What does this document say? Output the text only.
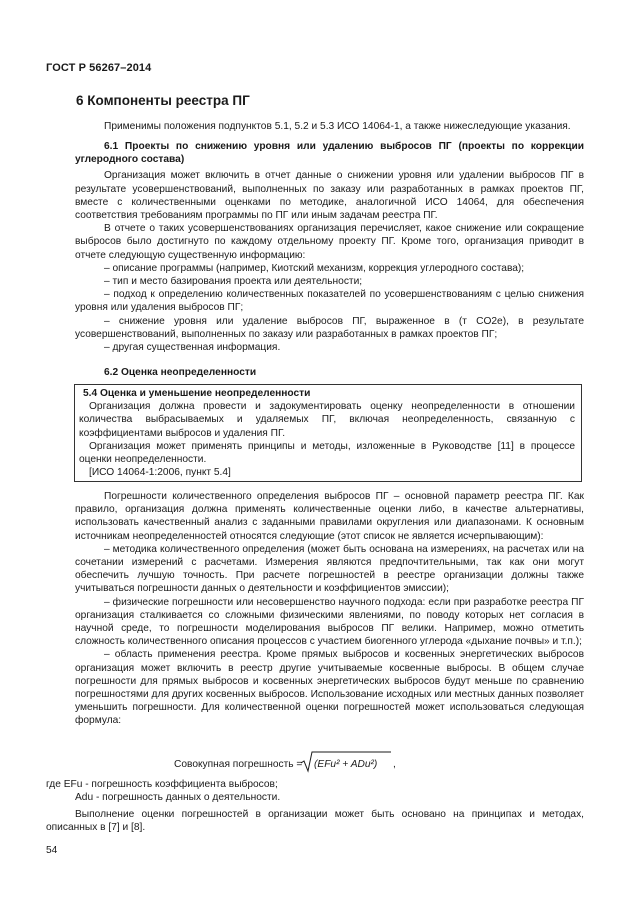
ГОСТ Р 56267–2014
6 Компоненты реестра ПГ

Применимы положения подпунктов 5.1, 5.2 и 5.3 ИСО 14064-1, а также нижеследующие указания.

6.1 Проекты по снижению уровня или удалению выбросов ПГ (проекты по коррекции углеродного состава)

Организация может включить в отчет данные о снижении уровня или удалении выбросов ПГ в результате усовершенствований, выполненных по заказу или разработанных в рамках проектов ПГ, вместе с количественными оценками по методике, аналогичной ИСО 14064, для обеспечения соответствия требованиям программы по ПГ или иным задачам реестра ПГ.

В отчете о таких усовершенствованиях организация перечисляет, какое снижение или сокращение выбросов было достигнуто по каждому отдельному проекту ПГ. Кроме того, организация приводит в отчете следующую существенную информацию:

– описание программы (например, Киотский механизм, коррекция углеродного состава);

– тип и место базирования проекта или деятельности;

– подход к определению количественных показателей по усовершенствованиям с целью снижения уровня или удаления выбросов ПГ;

– снижение уровня или удаление выбросов ПГ, выраженное в (т CO2e), в результате усовершенствований, выполненных по заказу или разработанных в рамках проектов ПГ;

– другая существенная информация.

6.2 Оценка неопределенности

5.4 Оценка и уменьшение неопределенности

Организация должна провести и задокументировать оценку неопределенности в отношении количества выбрасываемых и удаляемых ПГ, включая неопределенность, связанную с коэффициентами выбросов и удаления ПГ.

Организация может применять принципы и методы, изложенные в Руководстве [11] в процессе оценки неопределенности.

[ИСО 14064-1:2006, пункт 5.4]

Погрешности количественного определения выбросов ПГ – основной параметр реестра ПГ. Как правило, организация должна применять количественные оценки либо, в качестве альтернативы, использовать качественный анализ с заданными правилами округления или диапазонами. К основным источникам неопределенностей относятся следующие (этот список не является исчерпывающим):

– методика количественного определения (может быть основана на измерениях, на расчетах или на сочетании измерений с расчетами. Измерения являются предпочтительными, так как они могут обеспечить лучшую точность. При расчете погрешностей в реестре организации должны также учитываться погрешности данных о деятельности и коэффициентов эмиссии);

– физические погрешности или несовершенство научного подхода: если при разработке реестра ПГ организация сталкивается со сложными физическими явлениями, по поводу которых нет согласия в научной среде, то погрешности моделирования выбросов ПГ велики. Например, можно отметить сложность количественного описания процессов с участием биогенного углерода «дыхание почвы» и т.п.);

– область применения реестра. Кроме прямых выбросов и косвенных энергетических выбросов организация может включить в реестр другие учитываемые косвенные выбросы. В общем случае погрешности для прямых выбросов и косвенных энергетических выбросов будут меньше по сравнению погрешностями для других косвенных выбросов. Использование исходных или местных данных позволяет уменьшить погрешности. Для количественной оценки погрешностей может использоваться следующая формула:

Совокупная погрешность = (EFu² + ADu²) ,

где EFu - погрешность коэффициента выбросов;

Adu - погрешность данных о деятельности.

Выполнение оценки погрешностей в организации может быть основано на принципах и методах, описанных в [7] и [8].

54
